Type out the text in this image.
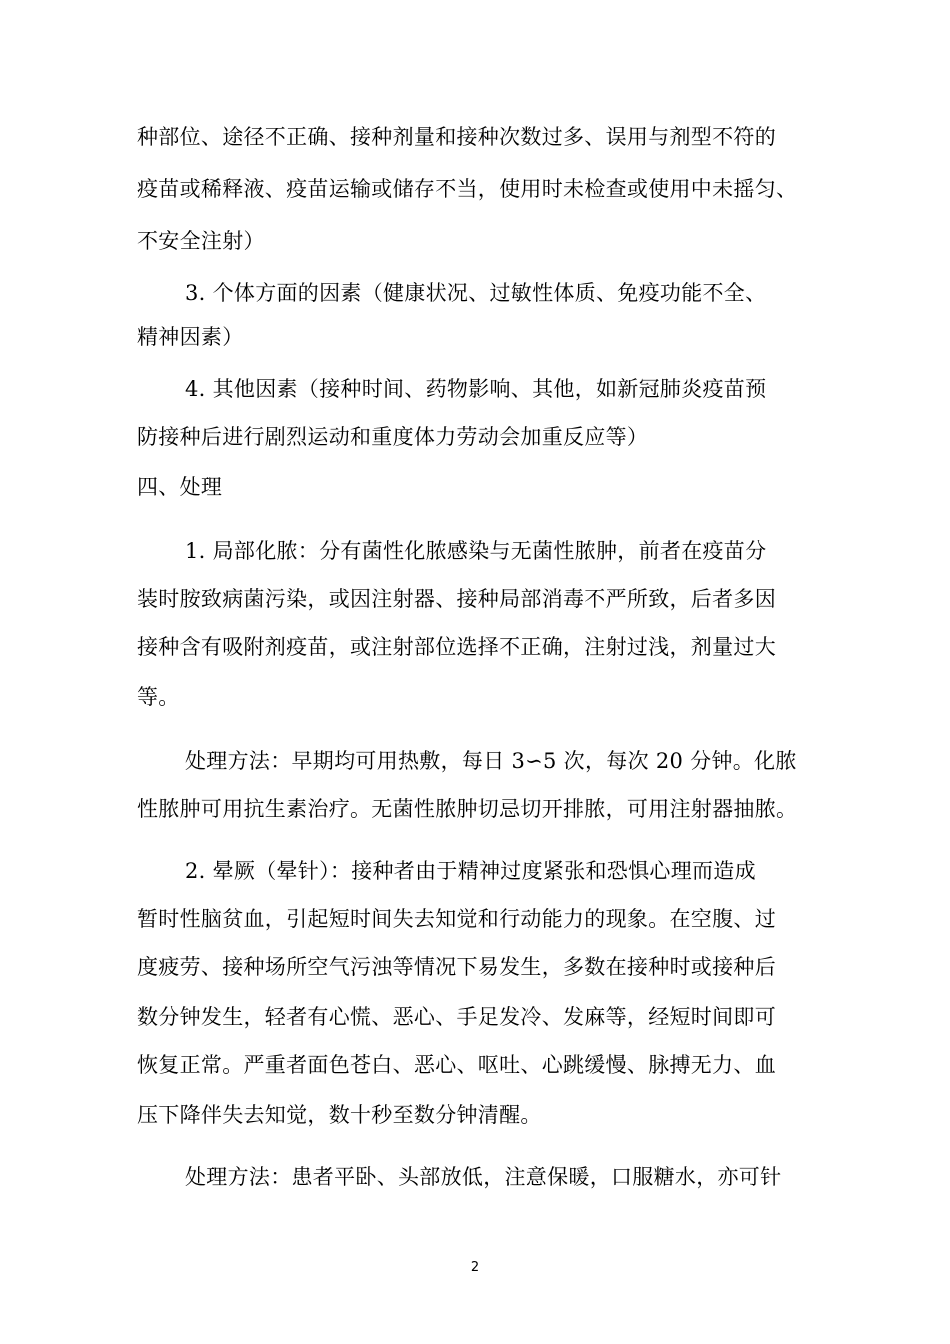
种部位、途径不正确、接种剂量和接种次数过多、误用与剂型不符的
疫苗或稀释液、疫苗运输或储存不当，使用时未检查或使用中未摇匀、
不安全注射）
3. 个体方面的因素（健康状况、过敏性体质、免疫功能不全、
精神因素）
4. 其他因素（接种时间、药物影响、其他，如新冠肺炎疫苗预
防接种后进行剧烈运动和重度体力劳动会加重反应等）
四、处理
1. 局部化脓：分有菌性化脓感染与无菌性脓肿，前者在疫苗分
装时胺致病菌污染，或因注射器、接种局部消毒不严所致，后者多因
接种含有吸附剂疫苗，或注射部位选择不正确，注射过浅，剂量过大
等。
处理方法：早期均可用热敷，每日 3∽5 次，每次 20 分钟。化脓
性脓肿可用抗生素治疗。无菌性脓肿切忌切开排脓，可用注射器抽脓。
2. 晕厥（晕针）：接种者由于精神过度紧张和恐惧心理而造成
暂时性脑贫血，引起短时间失去知觉和行动能力的现象。在空腹、过
度疲劳、接种场所空气污浊等情况下易发生，多数在接种时或接种后
数分钟发生，轻者有心慌、恶心、手足发冷、发麻等，经短时间即可
恢复正常。严重者面色苍白、恶心、呕吐、心跳缓慢、脉搏无力、血
压下降伴失去知觉，数十秒至数分钟清醒。
处理方法：患者平卧、头部放低，注意保暖，口服糖水，亦可针
2
